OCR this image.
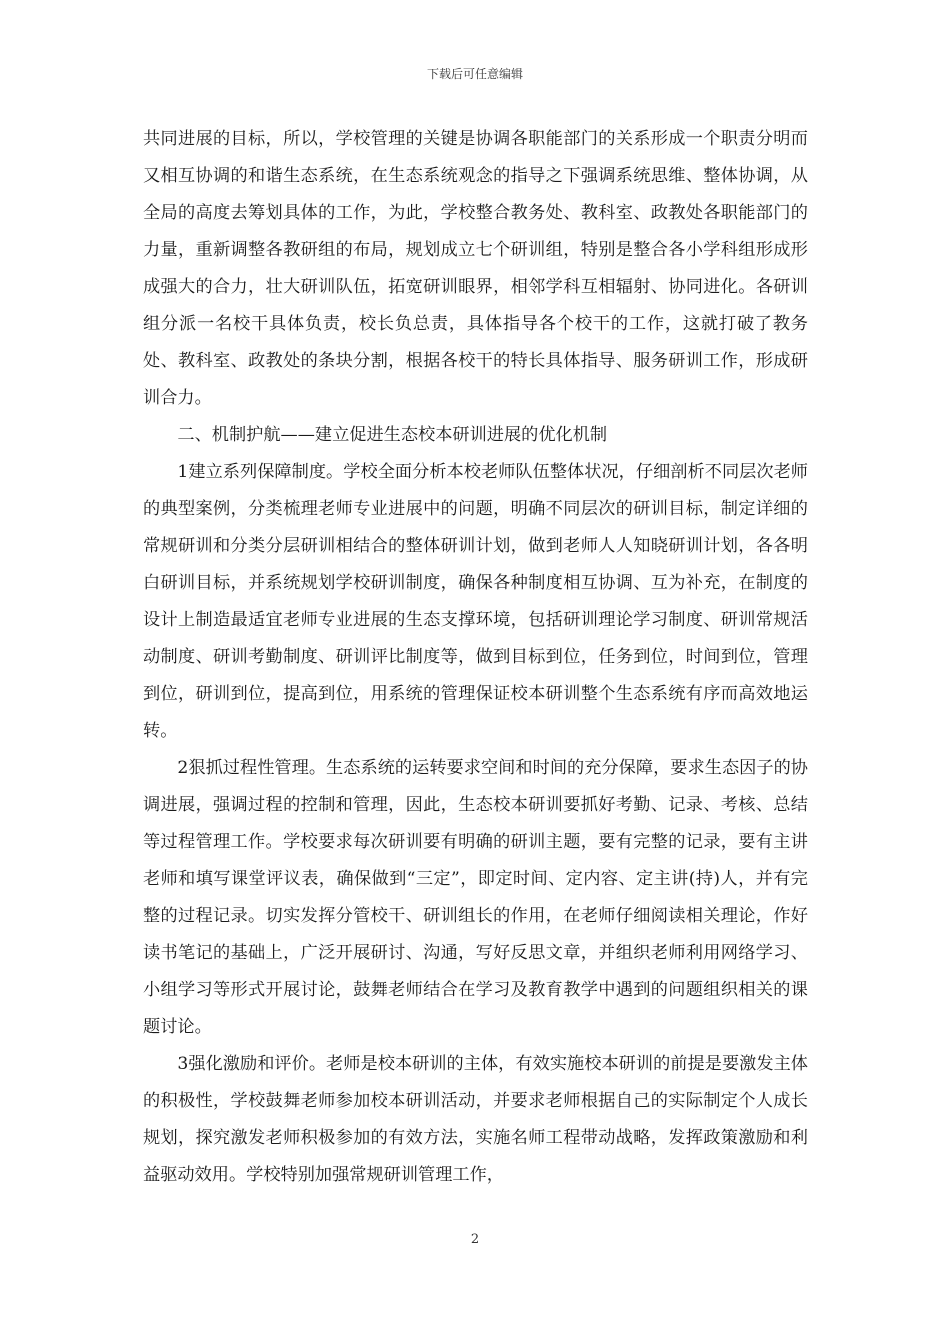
下载后可任意编辑

共同进展的目标，所以，学校管理的关键是协调各职能部门的关系形成一个职责分明而又相互协调的和谐生态系统，在生态系统观念的指导之下强调系统思维、整体协调，从全局的高度去筹划具体的工作，为此，学校整合教务处、教科室、政教处各职能部门的力量，重新调整各教研组的布局，规划成立七个研训组，特别是整合各小学科组形成形成强大的合力，壮大研训队伍，拓宽研训眼界，相邻学科互相辐射、协同进化。各研训组分派一名校干具体负责，校长负总责，具体指导各个校干的工作，这就打破了教务处、教科室、政教处的条块分割，根据各校干的特长具体指导、服务研训工作，形成研训合力。

二、机制护航——建立促进生态校本研训进展的优化机制

1建立系列保障制度。学校全面分析本校老师队伍整体状况，仔细剖析不同层次老师的典型案例，分类梳理老师专业进展中的问题，明确不同层次的研训目标，制定详细的常规研训和分类分层研训相结合的整体研训计划，做到老师人人知晓研训计划，各各明白研训目标，并系统规划学校研训制度，确保各种制度相互协调、互为补充，在制度的设计上制造最适宜老师专业进展的生态支撑环境，包括研训理论学习制度、研训常规活动制度、研训考勤制度、研训评比制度等，做到目标到位，任务到位，时间到位，管理到位，研训到位，提高到位，用系统的管理保证校本研训整个生态系统有序而高效地运转。

2狠抓过程性管理。生态系统的运转要求空间和时间的充分保障，要求生态因子的协调进展，强调过程的控制和管理，因此，生态校本研训要抓好考勤、记录、考核、总结等过程管理工作。学校要求每次研训要有明确的研训主题，要有完整的记录，要有主讲老师和填写课堂评议表，确保做到“三定”，即定时间、定内容、定主讲(持)人，并有完整的过程记录。切实发挥分管校干、研训组长的作用，在老师仔细阅读相关理论，作好读书笔记的基础上，广泛开展研讨、沟通，写好反思文章，并组织老师利用网络学习、小组学习等形式开展讨论，鼓舞老师结合在学习及教育教学中遇到的问题组织相关的课题讨论。

3强化激励和评价。老师是校本研训的主体，有效实施校本研训的前提是要激发主体的积极性，学校鼓舞老师参加校本研训活动，并要求老师根据自己的实际制定个人成长规划，探究激发老师积极参加的有效方法，实施名师工程带动战略，发挥政策激励和利益驱动效用。学校特别加强常规研训管理工作，

2
